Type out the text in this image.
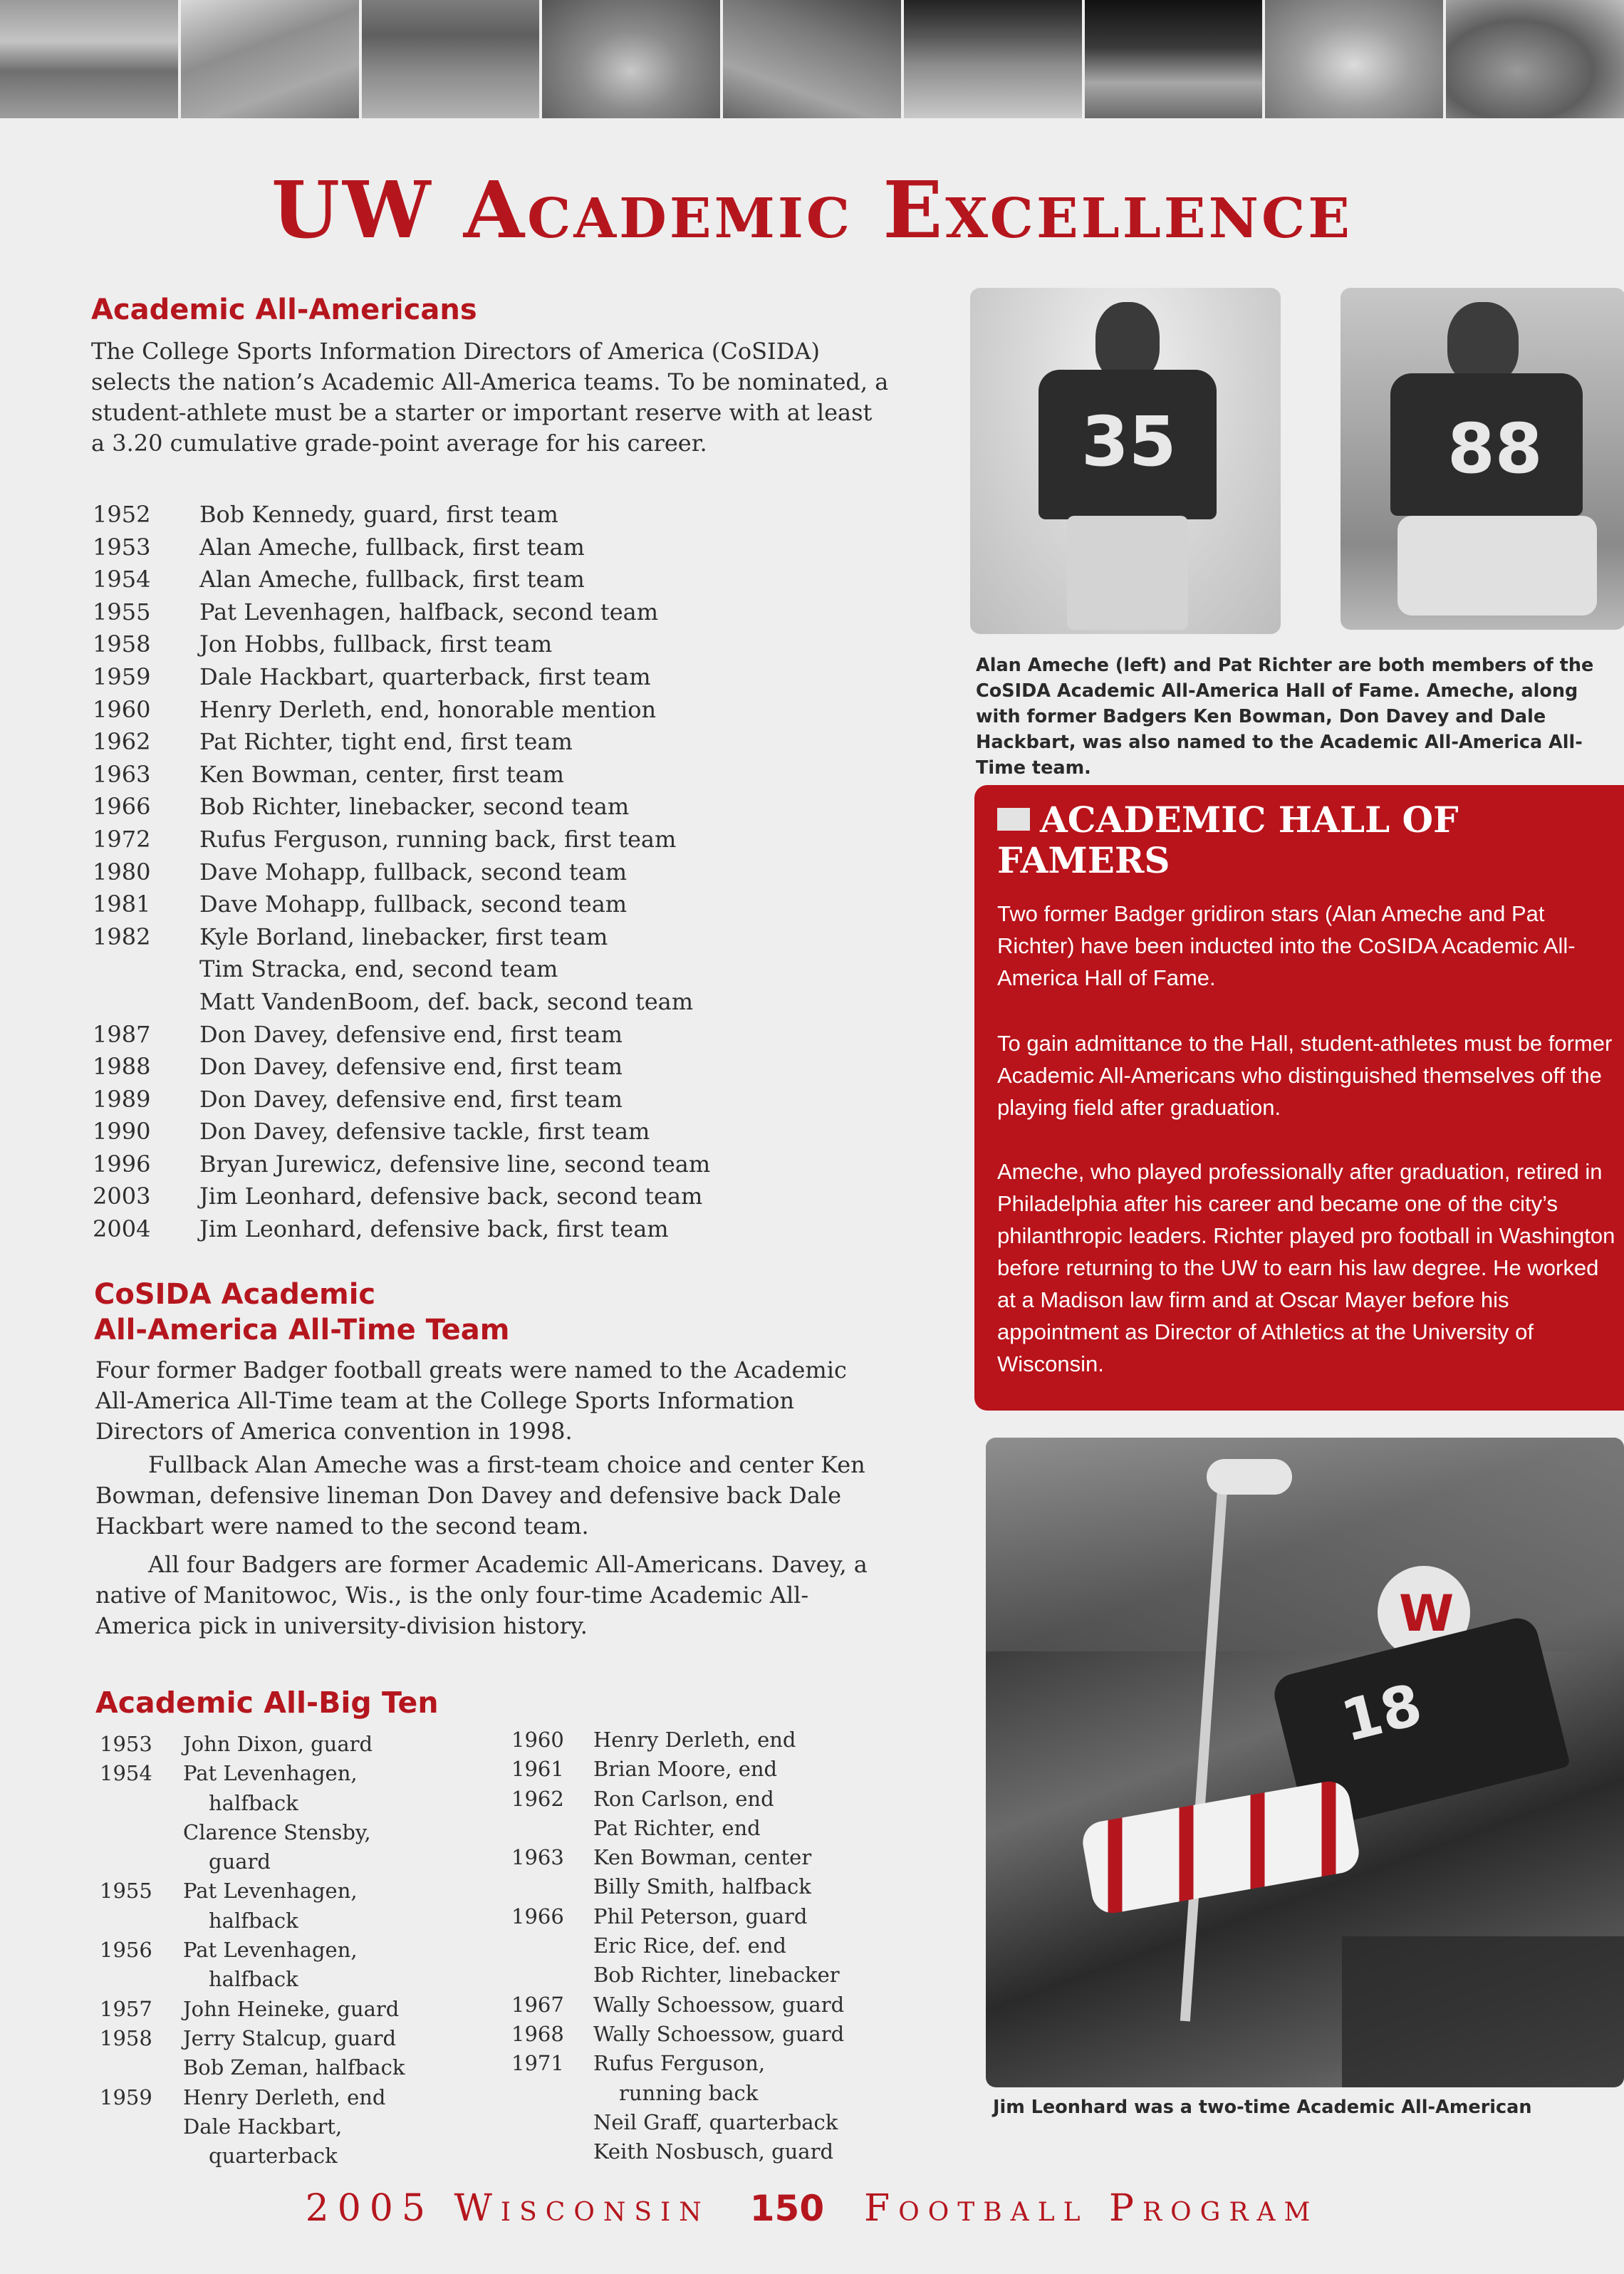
UW Academic Excellence
Academic All-Americans

The College Sports Information Directors of America (CoSIDA) selects the nation’s Academic All-America teams. To be nominated, a student-athlete must be a starter or important reserve with at least a 3.20 cumulative grade-point average for his career.

1952	Bob Kennedy, guard, first team
1953	Alan Ameche, fullback, first team
1954	Alan Ameche, fullback, first team
1955	Pat Levenhagen, halfback, second team
1958	Jon Hobbs, fullback, first team
1959	Dale Hackbart, quarterback, first team
1960	Henry Derleth, end, honorable mention
1962	Pat Richter, tight end, first team
1963	Ken Bowman, center, first team
1966	Bob Richter, linebacker, second team
1972	Rufus Ferguson, running back, first team
1980	Dave Mohapp, fullback, second team
1981	Dave Mohapp, fullback, second team
1982	Kyle Borland, linebacker, first team
Tim Stracka, end, second team
Matt VandenBoom, def. back, second team
1987	Don Davey, defensive end, first team
1988	Don Davey, defensive end, first team
1989	Don Davey, defensive end, first team
1990	Don Davey, defensive tackle, first team
1996	Bryan Jurewicz, defensive line, second team
2003	Jim Leonhard, defensive back, second team
2004	Jim Leonhard, defensive back, first team
CoSIDA Academic
All-America All-Time Team

Four former Badger football greats were named to the Academic All-America All-Time team at the College Sports Information Directors of America convention in 1998.

Fullback Alan Ameche was a first-team choice and center Ken Bowman, defensive lineman Don Davey and defensive back Dale Hackbart were named to the second team.

All four Badgers are former Academic All-Americans. Davey, a native of Manitowoc, Wis., is the only four-time Academic All-America pick in university-division history.

Academic All-Big Ten
1953	John Dixon, guard
1954	Pat Levenhagen,
halfback
Clarence Stensby,
guard
1955	Pat Levenhagen,
halfback
1956	Pat Levenhagen,
halfback
1957	John Heineke, guard
1958	Jerry Stalcup, guard
Bob Zeman, halfback
1959	Henry Derleth, end
Dale Hackbart,
quarterback
1960	Henry Derleth, end
1961	Brian Moore, end
1962	Ron Carlson, end
Pat Richter, end
1963	Ken Bowman, center
Billy Smith, halfback
1966	Phil Peterson, guard
Eric Rice, def. end
Bob Richter, linebacker
1967	Wally Schoessow, guard
1968	Wally Schoessow, guard
1971	Rufus Ferguson,
running back
Neil Graff, quarterback
Keith Nosbusch, guard
35	88

Alan Ameche (left) and Pat Richter are both members of the CoSIDA Academic All-America Hall of Fame. Ameche, along with former Badgers Ken Bowman, Don Davey and Dale Hackbart, was also named to the Academic All-America All-Time team.

ACADEMIC HALL OF
FAMERS

Two former Badger gridiron stars (Alan Ameche and Pat Richter) have been inducted into the CoSIDA Academic All-America Hall of Fame.

To gain admittance to the Hall, student-athletes must be former Academic All-Americans who distinguished themselves off the playing field after graduation.

Ameche, who played professionally after graduation, retired in Philadelphia after his career and became one of the city’s philanthropic leaders. Richter played pro football in Washington before returning to the UW to earn his law degree. He worked at a Madison law firm and at Oscar Mayer before his appointment as Director of Athletics at the University of Wisconsin.

W
18

Jim Leonhard was a two-time Academic All-American

2005 Wisconsin 150 Football Program
